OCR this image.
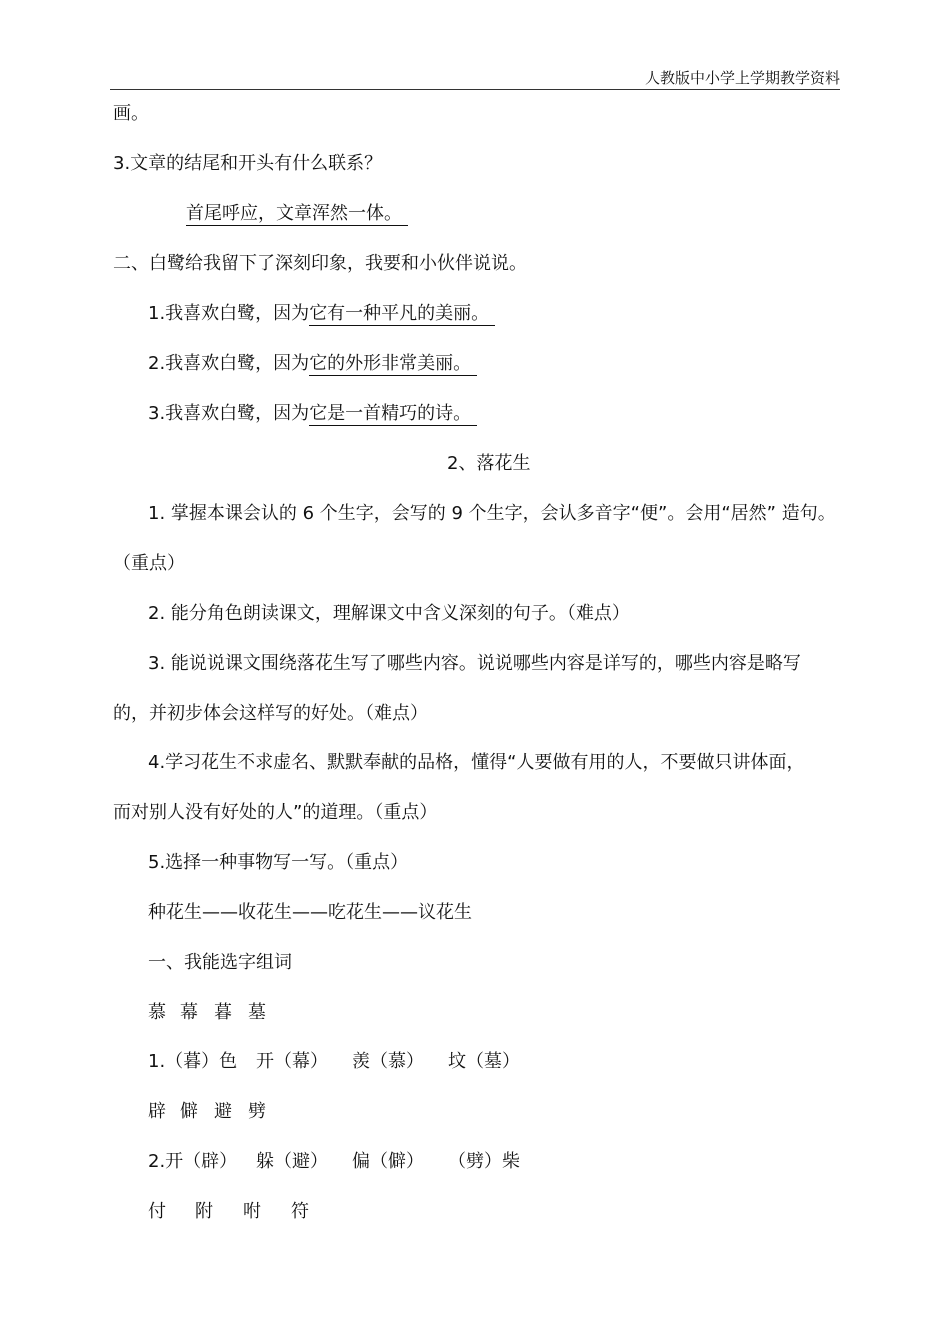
人教版中小学上学期教学资料
画。
3.文章的结尾和开头有什么联系？
首尾呼应，文章浑然一体。
二、白鹭给我留下了深刻印象，我要和小伙伴说说。
1.我喜欢白鹭，因为它有一种平凡的美丽。
2.我喜欢白鹭，因为它的外形非常美丽。
3.我喜欢白鹭，因为它是一首精巧的诗。
2、落花生
1. 掌握本课会认的 6 个生字，会写的 9 个生字，会认多音字“便”。会用“居然” 造句。
（重点）
2. 能分角色朗读课文，理解课文中含义深刻的句子。（难点）
3. 能说说课文围绕落花生写了哪些内容。说说哪些内容是详写的，哪些内容是略写
的，并初步体会这样写的好处。（难点）
4.学习花生不求虚名、默默奉献的品格，懂得“人要做有用的人，不要做只讲体面，
而对别人没有好处的人”的道理。（重点）
5.选择一种事物写一写。（重点）
种花生——收花生——吃花生——议花生
一、我能选字组词
慕 幕 暮 墓
1.（暮）色 开（幕） 羡（慕） 坟（墓）
辟 僻 避 劈
2.开（辟） 躲（避） 偏（僻） （劈）柴
付 附 咐 符
